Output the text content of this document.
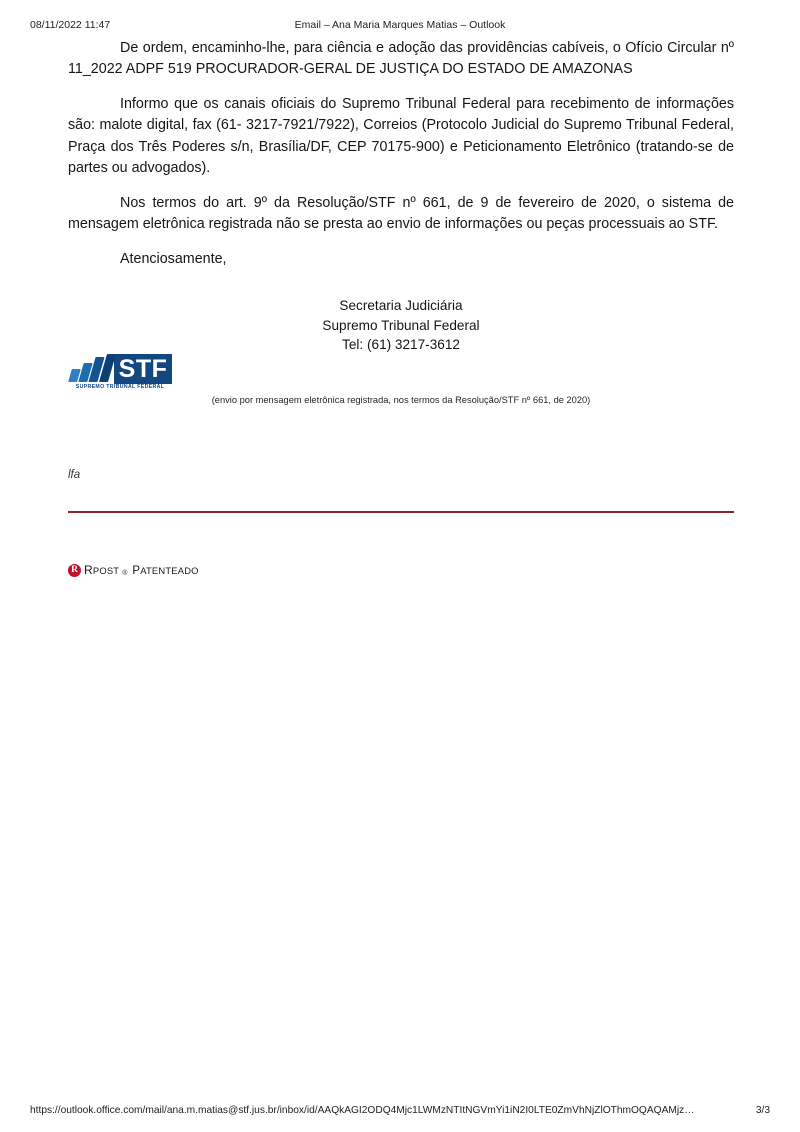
08/11/2022 11:47	Email – Ana Maria Marques Matias – Outlook

De ordem, encaminho-lhe, para ciência e adoção das providências cabíveis, o Ofício Circular nº 11_2022 ADPF 519 PROCURADOR-GERAL DE JUSTIÇA DO ESTADO DE AMAZONAS

Informo que os canais oficiais do Supremo Tribunal Federal para recebimento de informações são: malote digital, fax (61- 3217-7921/7922), Correios (Protocolo Judicial do Supremo Tribunal Federal, Praça dos Três Poderes s/n, Brasília/DF, CEP 70175-900) e Peticionamento Eletrônico (tratando-se de partes ou advogados).

Nos termos do art. 9º da Resolução/STF nº 661, de 9 de fevereiro de 2020, o sistema de mensagem eletrônica registrada não se presta ao envio de informações ou peças processuais ao STF.

Atenciosamente,

Secretaria Judiciária
Supremo Tribunal Federal
Tel: (61) 3217-3612
STF
SUPREMO TRIBUNAL FEDERAL
(envio por mensagem eletrônica registrada, nos termos da Resolução/STF nº 661, de 2020)
lfa
R RPOST ® PATENTEADO
https://outlook.office.com/mail/ana.m.matias@stf.jus.br/inbox/id/AAQkAGI2ODQ4Mjc1LWMzNTItNGVmYi1iN2I0LTE0ZmVhNjZlOThmOQAQAMjz…	3/3
